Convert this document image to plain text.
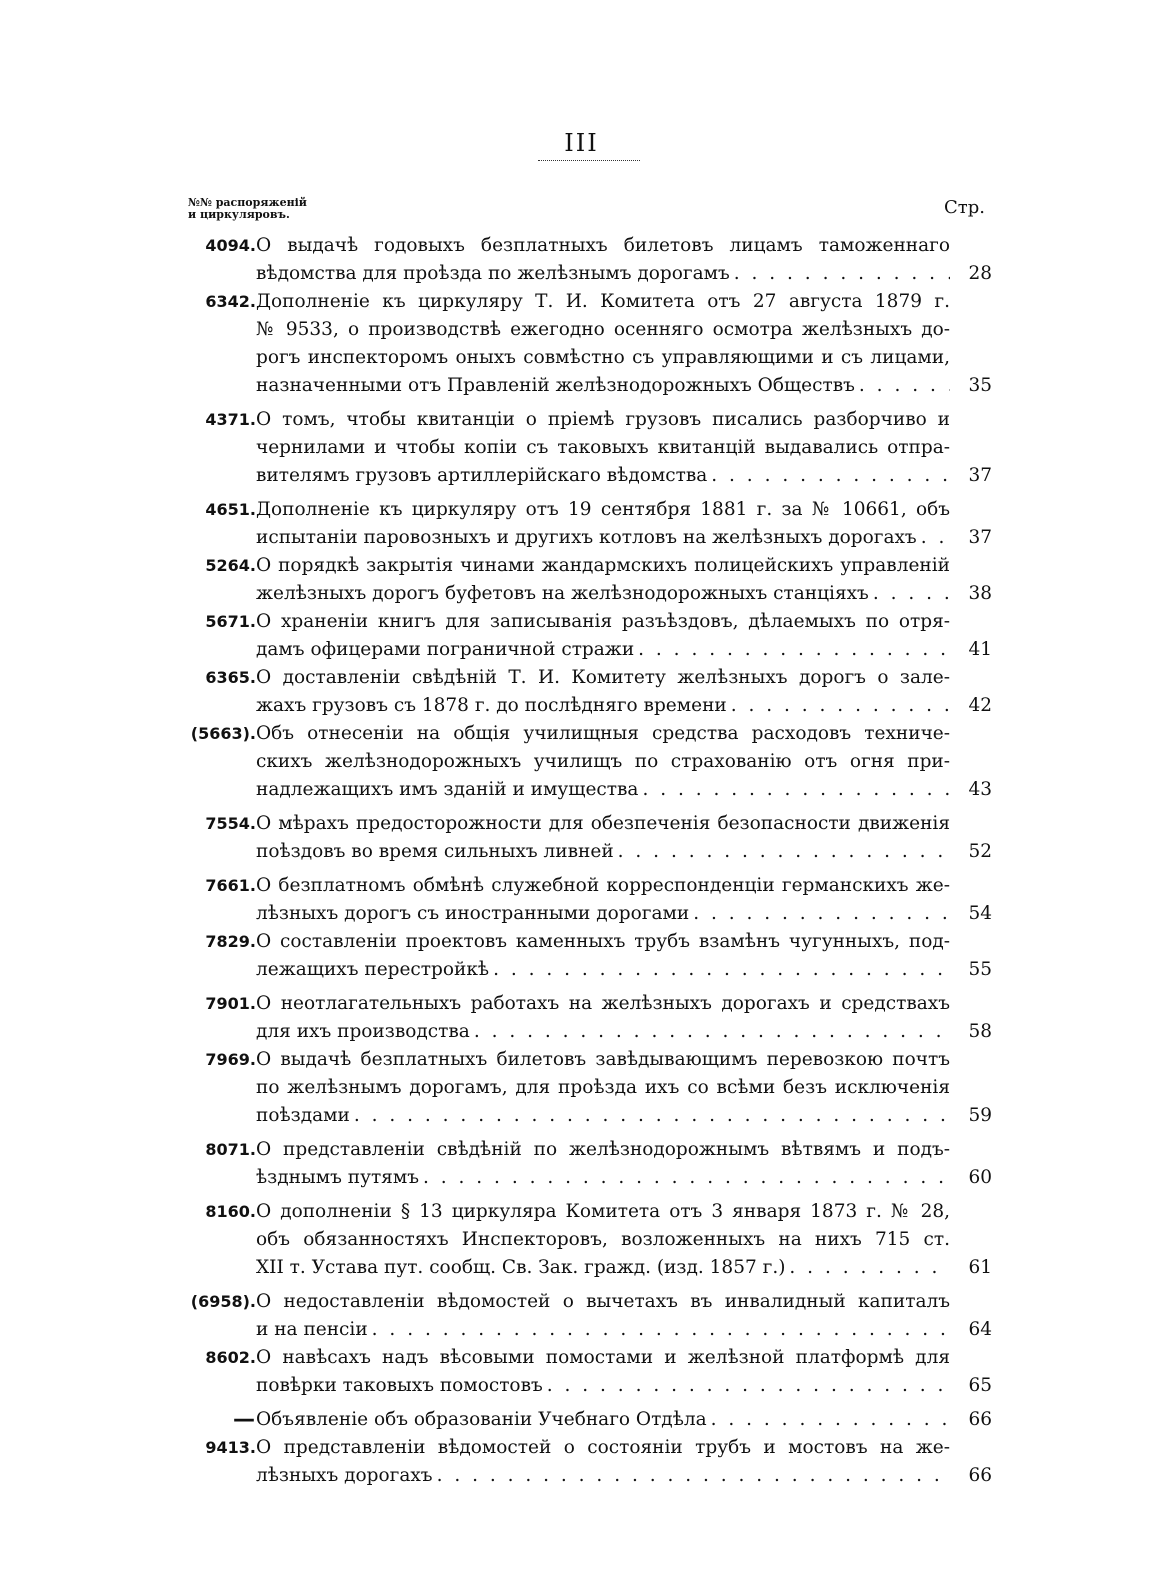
III
№№ распоряжeній
и циркуляровъ.	Стр.
4094. О выдачѣ годовыхъ безплатныхъ билетовъ лицамъ таможеннаго
вѣдомства для проѣзда по желѣзнымъ дорогамъ . . .	28
6342. Дополненіе къ циркуляру Т. И. Комитета отъ 27 августа 1879 г.
№ 9533, о производствѣ ежегодно осенняго осмотра желѣзныхъ до-
рогъ инспекторомъ оныхъ совмѣстно съ управляющими и съ лицами,
назначенными отъ Правленій желѣзнодорожныхъ Обществъ . . .	35
4371. О томъ, чтобы квитанціи о пріемѣ грузовъ писались разборчиво и
чернилами и чтобы копіи съ таковыхъ квитанцій выдавались отпра-
вителямъ грузовъ артиллерійскаго вѣдомства . . .	37
4651. Дополненіе къ циркуляру отъ 19 сентября 1881 г. за № 10661, объ
испытаніи паровозныхъ и другихъ котловъ на желѣзныхъ дорогахъ . . .	37
5264. О порядкѣ закрытія чинами жандармскихъ полицейскихъ управленій
желѣзныхъ дорогъ буфетовъ на желѣзнодорожныхъ станціяхъ . . .	38
5671. О храненіи книгъ для записыванія разъѣздовъ, дѣлаемыхъ по отря-
дамъ офицерами пограничной стражи . . .	41
6365. О доставленіи свѣдѣній Т. И. Комитету желѣзныхъ дорогъ о зале-
жахъ грузовъ съ 1878 г. до послѣдняго времени . . .	42
(5663). Объ отнесеніи на общія училищныя средства расходовъ техниче-
скихъ желѣзнодорожныхъ училищъ по страхованію отъ огня при-
надлежащихъ имъ зданій и имущества . . .	43
7554. О мѣрахъ предосторожности для обезпеченія безопасности движенія
поѣздовъ во время сильныхъ ливней . . .	52
7661. О безплатномъ обмѣнѣ служебной корреспонденціи германскихъ же-
лѣзныхъ дорогъ съ иностранными дорогами . . .	54
7829. О составленіи проектовъ каменныхъ трубъ взамѣнъ чугунныхъ, под-
лежащихъ перестройкѣ . . .	55
7901. О неотлагательныхъ работахъ на желѣзныхъ дорогахъ и средствахъ
для ихъ производства . . .	58
7969. О выдачѣ безплатныхъ билетовъ завѣдывающимъ перевозкою почтъ
по желѣзнымъ дорогамъ, для проѣзда ихъ со всѣми безъ исключенія
поѣздами . . .	59
8071. О представленіи свѣдѣній по желѣзнодорожнымъ вѣтвямъ и подъ-
ѣзднымъ путямъ . . .	60
8160. О дополненіи § 13 циркуляра Комитета отъ 3 января 1873 г. № 28,
объ обязанностяхъ Инспекторовъ, возложенныхъ на нихъ 715 ст.
XII т. Устава пут. сообщ. Св. Зак. гражд. (изд. 1857 г.) . . .	61
(6958). О недоставленіи вѣдомостей о вычетахъ въ инвалидный капиталъ
и на пенсіи . . .	64
8602. О навѣсахъ надъ вѣсовыми помостами и желѣзной платформѣ для
повѣрки таковыхъ помостовъ . . .	65
— Объявленіе объ образованіи Учебнаго Отдѣла . . .	66
9413. О представленіи вѣдомостей о состояніи трубъ и мостовъ на же-
лѣзныхъ дорогахъ . . .	66
